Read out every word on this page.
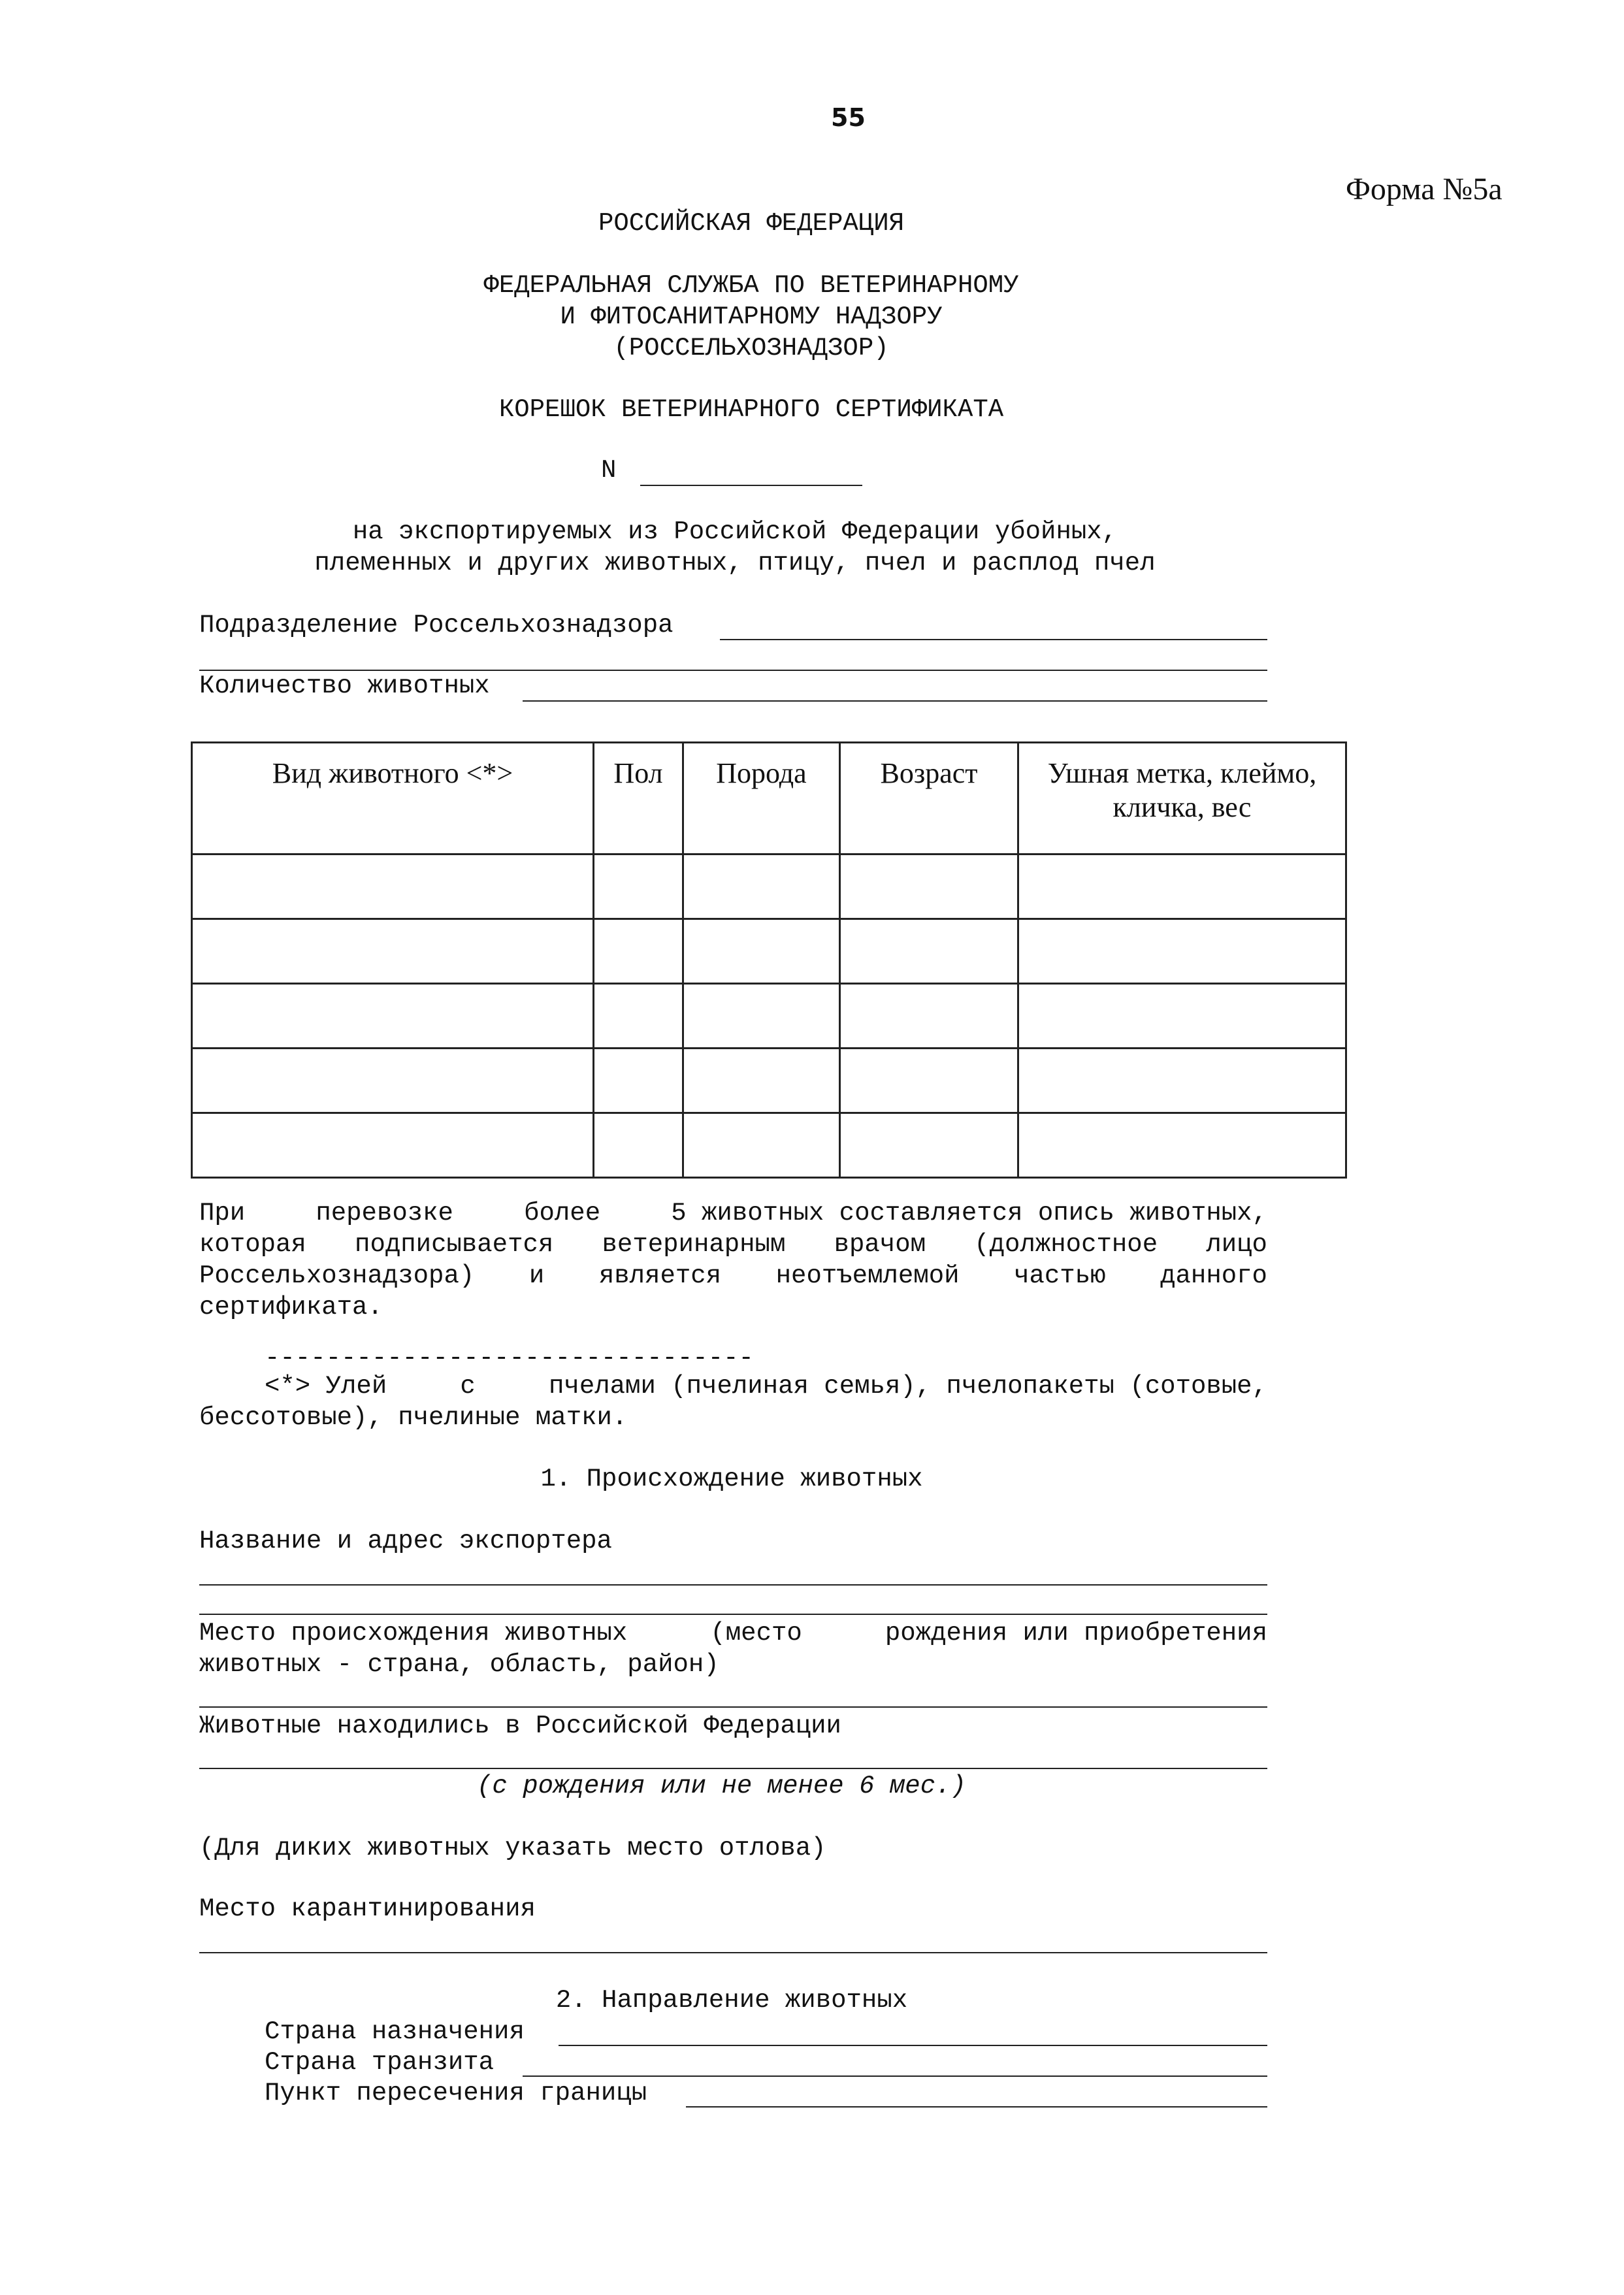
55
Форма №5а
РОССИЙСКАЯ ФЕДЕРАЦИЯ
ФЕДЕРАЛЬНАЯ СЛУЖБА ПО ВЕТЕРИНАРНОМУ
И ФИТОСАНИТАРНОМУ НАДЗОРУ
(РОССЕЛЬХОЗНАДЗОР)
КОРЕШОК ВЕТЕРИНАРНОГО СЕРТИФИКАТА
N
на экспортируемых из Российской Федерации убойных,
племенных и других животных, птицу, пчел и расплод пчел
Подразделение Россельхознадзора
Количество животных
Вид животного <*>	Пол	Порода	Возраст	Ушная метка, клеймо, кличка, вес

При	перевозке	более	5 животных составляется опись животных,
которая подписывается ветеринарным врачом (должностное лицо
Россельхознадзора) и является неотъемлемой частью данного
сертификата.
--------------------------------
<*> Улей	с	пчелами (пчелиная семья), пчелопакеты (сотовые,
бессотовые), пчелиные матки.
1. Происхождение животных
Название и адрес экспортера
Место происхождения животных	(место	рождения или приобретения
животных - страна, область, район)
Животные находились в Российской Федерации
(с рождения или не менее 6 мес.)
(Для диких животных указать место отлова)
Место карантинирования
2. Направление животных
Страна назначения
Страна транзита
Пункт пересечения границы
